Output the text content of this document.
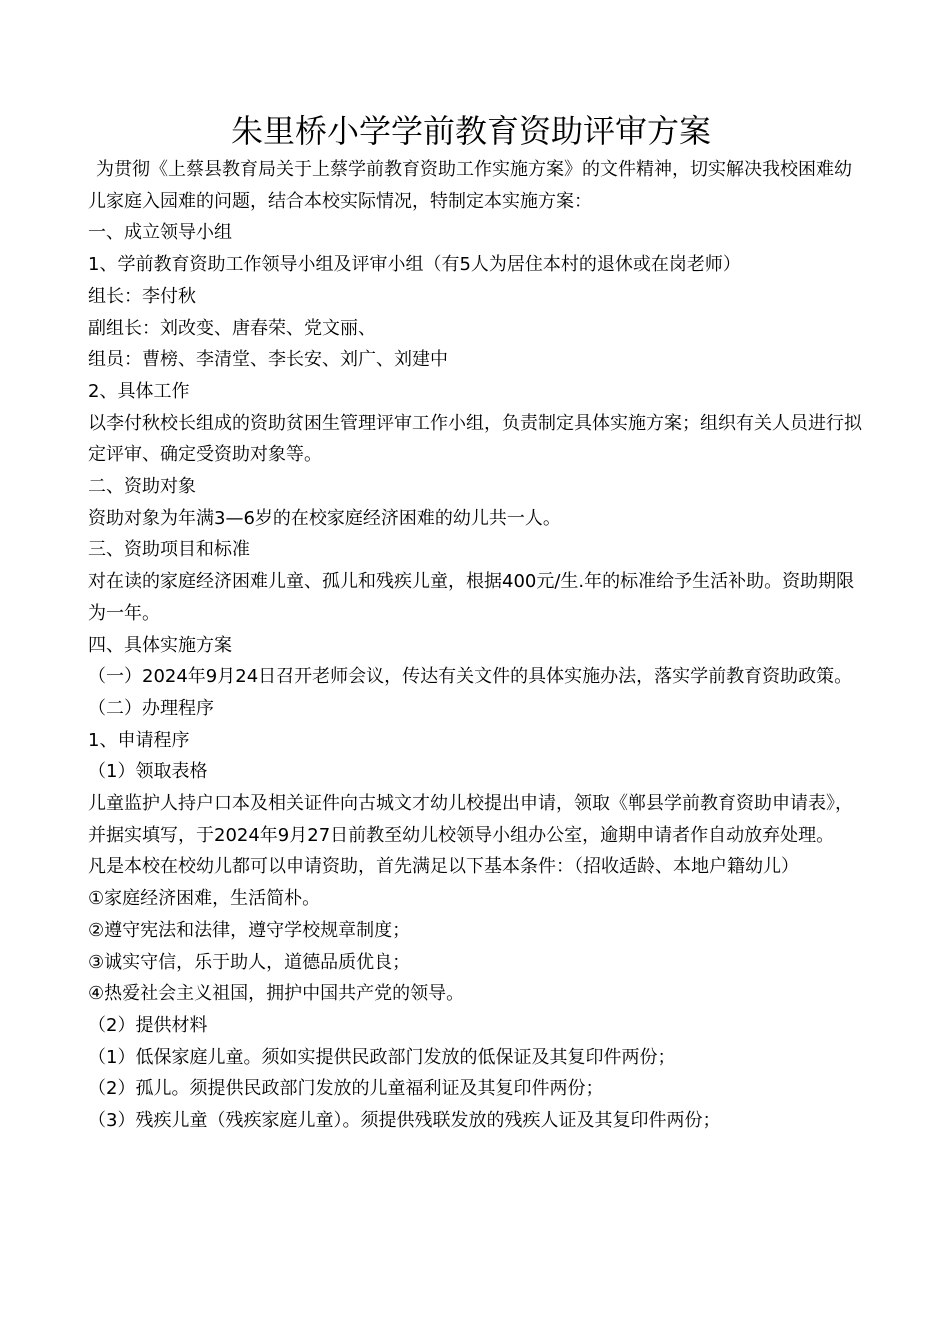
朱里桥小学学前教育资助评审方案

为贯彻《上蔡县教育局关于上蔡学前教育资助工作实施方案》的文件精神，切实解决我校困难幼儿家庭入园难的问题，结合本校实际情况，特制定本实施方案：

一、成立领导小组

1、学前教育资助工作领导小组及评审小组（有5人为居住本村的退休或在岗老师）

组长：李付秋

副组长：刘改变、唐春荣、党文丽、

组员：曹榜、李清堂、李长安、刘广、刘建中

2、具体工作

以李付秋校长组成的资助贫困生管理评审工作小组，负责制定具体实施方案；组织有关人员进行拟定评审、确定受资助对象等。

二、资助对象

资助对象为年满3—6岁的在校家庭经济困难的幼儿共一人。

三、资助项目和标准

对在读的家庭经济困难儿童、孤儿和残疾儿童，根据400元/生.年的标准给予生活补助。资助期限为一年。

四、具体实施方案

（一）2024年9月24日召开老师会议，传达有关文件的具体实施办法，落实学前教育资助政策。

（二）办理程序

1、申请程序

（1）领取表格

儿童监护人持户口本及相关证件向古城文才幼儿校提出申请，领取《郸县学前教育资助申请表》，并据实填写，于2024年9月27日前教至幼儿校领导小组办公室，逾期申请者作自动放弃处理。

凡是本校在校幼儿都可以申请资助，首先满足以下基本条件：（招收适龄、本地户籍幼儿）

①家庭经济困难，生活简朴。

②遵守宪法和法律，遵守学校规章制度；

③诚实守信，乐于助人，道德品质优良；

④热爱社会主义祖国，拥护中国共产党的领导。

（2）提供材料

（1）低保家庭儿童。须如实提供民政部门发放的低保证及其复印件两份；

（2）孤儿。须提供民政部门发放的儿童福利证及其复印件两份；

（3）残疾儿童（残疾家庭儿童）。须提供残联发放的残疾人证及其复印件两份；
